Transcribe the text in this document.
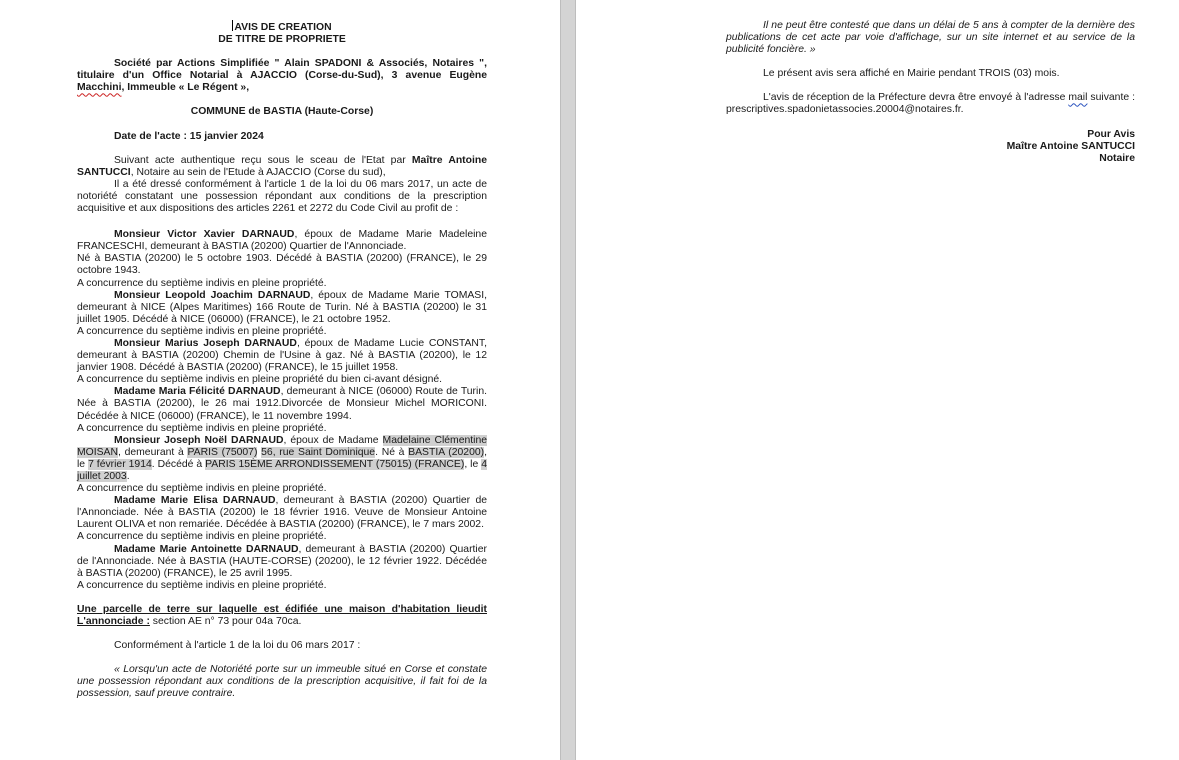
AVIS DE CREATION

DE TITRE DE PROPRIETE

Société par Actions Simplifiée " Alain SPADONI & Associés, Notaires ", titulaire d'un Office Notarial à AJACCIO (Corse-du-Sud), 3 avenue Eugène Macchini, Immeuble « Le Régent »,

COMMUNE de BASTIA (Haute-Corse)

Date de l'acte : 15 janvier 2024

Suivant acte authentique reçu sous le sceau de l'Etat par Maître Antoine SANTUCCI, Notaire au sein de l'Etude à AJACCIO (Corse du sud),

Il a été dressé conformément à l'article 1 de la loi du 06 mars 2017, un acte de notoriété constatant une possession répondant aux conditions de la prescription acquisitive et aux dispositions des articles 2261 et 2272 du Code Civil au profit de :

Monsieur Victor Xavier DARNAUD, époux de Madame Marie Madeleine FRANCESCHI, demeurant à BASTIA (20200) Quartier de l'Annonciade.

Né à BASTIA (20200) le 5 octobre 1903. Décédé à BASTIA (20200) (FRANCE), le 29 octobre 1943.

A concurrence du septième indivis en pleine propriété.

Monsieur Leopold Joachim DARNAUD, époux de Madame Marie TOMASI, demeurant à NICE (Alpes Maritimes) 166 Route de Turin. Né à BASTIA (20200) le 31 juillet 1905. Décédé à NICE (06000) (FRANCE), le 21 octobre 1952.

A concurrence du septième indivis en pleine propriété.

Monsieur Marius Joseph DARNAUD, époux de Madame Lucie CONSTANT, demeurant à BASTIA (20200) Chemin de l'Usine à gaz. Né à BASTIA (20200), le 12 janvier 1908. Décédé à BASTIA (20200) (FRANCE), le 15 juillet 1958.

A concurrence du septième indivis en pleine propriété du bien ci-avant désigné.

Madame Maria Félicité DARNAUD, demeurant à NICE (06000) Route de Turin. Née à BASTIA (20200), le 26 mai 1912.Divorcée de Monsieur Michel MORICONI. Décédée à NICE (06000) (FRANCE), le 11 novembre 1994.

A concurrence du septième indivis en pleine propriété.

Monsieur Joseph Noël DARNAUD, époux de Madame Madelaine Clémentine MOISAN, demeurant à PARIS (75007) 56, rue Saint Dominique. Né à BASTIA (20200), le 7 février 1914. Décédé à PARIS 15ÈME ARRONDISSEMENT (75015) (FRANCE), le 4 juillet 2003.

A concurrence du septième indivis en pleine propriété.

Madame Marie Elisa DARNAUD, demeurant à BASTIA (20200) Quartier de l'Annonciade. Née à BASTIA (20200) le 18 février 1916. Veuve de Monsieur Antoine Laurent OLIVA et non remariée. Décédée à BASTIA (20200) (FRANCE), le 7 mars 2002.

A concurrence du septième indivis en pleine propriété.

Madame Marie Antoinette DARNAUD, demeurant à BASTIA (20200) Quartier de l'Annonciade. Née à BASTIA (HAUTE-CORSE) (20200), le 12 février 1922. Décédée à BASTIA (20200) (FRANCE), le 25 avril 1995.

A concurrence du septième indivis en pleine propriété.

Une parcelle de terre sur laquelle est édifiée une maison d'habitation lieudit L'annonciade : section AE n° 73 pour 04a 70ca.

Conformément à l'article 1 de la loi du 06 mars 2017 :

« Lorsqu'un acte de Notoriété porte sur un immeuble situé en Corse et constate une possession répondant aux conditions de la prescription acquisitive, il fait foi de la possession, sauf preuve contraire.

Il ne peut être contesté que dans un délai de 5 ans à compter de la dernière des publications de cet acte par voie d'affichage, sur un site internet et au service de la publicité foncière. »

Le présent avis sera affiché en Mairie pendant TROIS (03) mois.

L'avis de réception de la Préfecture devra être envoyé à l'adresse mail suivante : prescriptives.spadonietassocies.20004@notaires.fr.

Pour Avis

Maître Antoine SANTUCCI

Notaire
